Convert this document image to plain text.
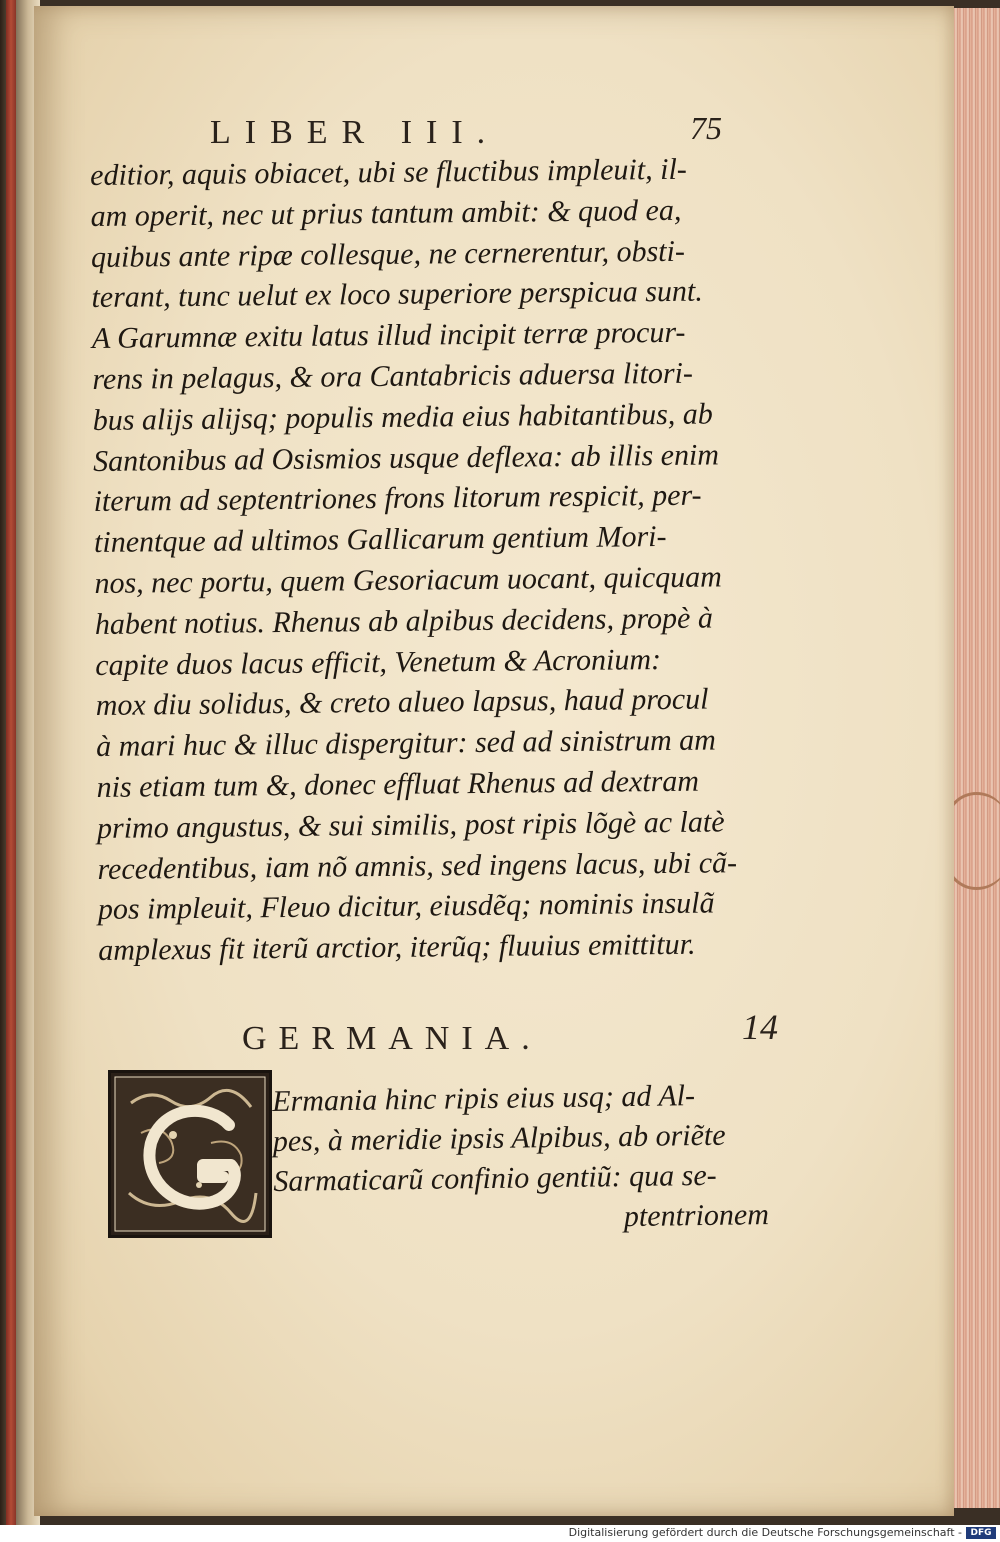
LIBER III.	75
editior, aquis obiacet, ubi se fluctibus impleuit, il-
am operit, nec ut prius tantum ambit: & quod ea,
quibus ante ripæ collesque, ne cernerentur, obsti-
terant, tunc uelut ex loco superiore perspicua sunt.
A Garumnæ exitu latus illud incipit terræ procur-
rens in pelagus, & ora Cantabricis aduersa litori-
bus alijs alijsq; populis media eius habitantibus, ab
Santonibus ad Osismios usque deflexa: ab illis enim
iterum ad septentriones frons litorum respicit, per-
tinentque ad ultimos Gallicarum gentium Mori-
nos, nec portu, quem Gesoriacum uocant, quicquam
habent notius. Rhenus ab alpibus decidens, propè à
capite duos lacus efficit, Venetum & Acronium:
mox diu solidus, & creto alueo lapsus, haud procul
à mari huc & illuc dispergitur: sed ad sinistrum am
nis etiam tum &, donec effluat Rhenus ad dextram
primo angustus, & sui similis, post ripis lõgè ac latè
recedentibus, iam nõ amnis, sed ingens lacus, ubi cã-
pos impleuit, Fleuo dicitur, eiusdẽq; nominis insulã
amplexus fit iterũ arctior, iterũq; fluuius emittitur.
GERMANIA.	14
Ermania hinc ripis eius usq; ad Al-
pes, à meridie ipsis Alpibus, ab oriẽte
Sarmaticarũ confinio gentiũ: qua se-
ptentrionem
Digitalisierung gefördert durch die Deutsche Forschungsgemeinschaft - DFG
